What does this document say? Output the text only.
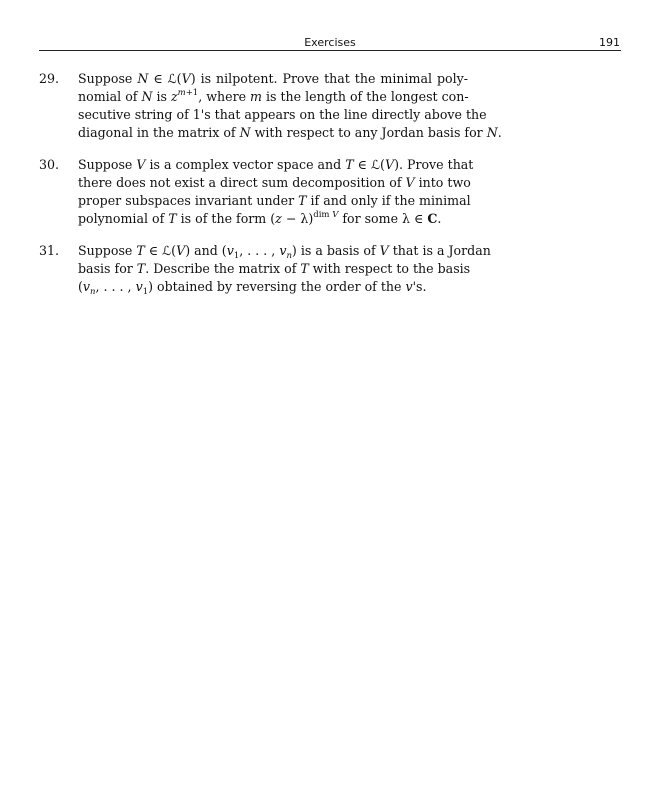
Exercises	191
29. Suppose N ∈ ℒ(V) is nilpotent. Prove that the minimal poly-
nomial of N is $z^{m+1}$, where m is the length of the longest con-
secutive string of 1's that appears on the line directly above the
diagonal in the matrix of N with respect to any Jordan basis for N.
30. Suppose V is a complex vector space and T ∈ ℒ(V). Prove that
there does not exist a direct sum decomposition of V into two
proper subspaces invariant under T if and only if the minimal
polynomial of T is of the form $(z - \lambda)^{dim V}$ for some λ ∈ C.
31. Suppose T ∈ ℒ(V) and ($v_1$, . . . , $v_n$) is a basis of V that is a Jordan
basis for T. Describe the matrix of T with respect to the basis
($v_n$, . . . , $v_1$) obtained by reversing the order of the v's.
